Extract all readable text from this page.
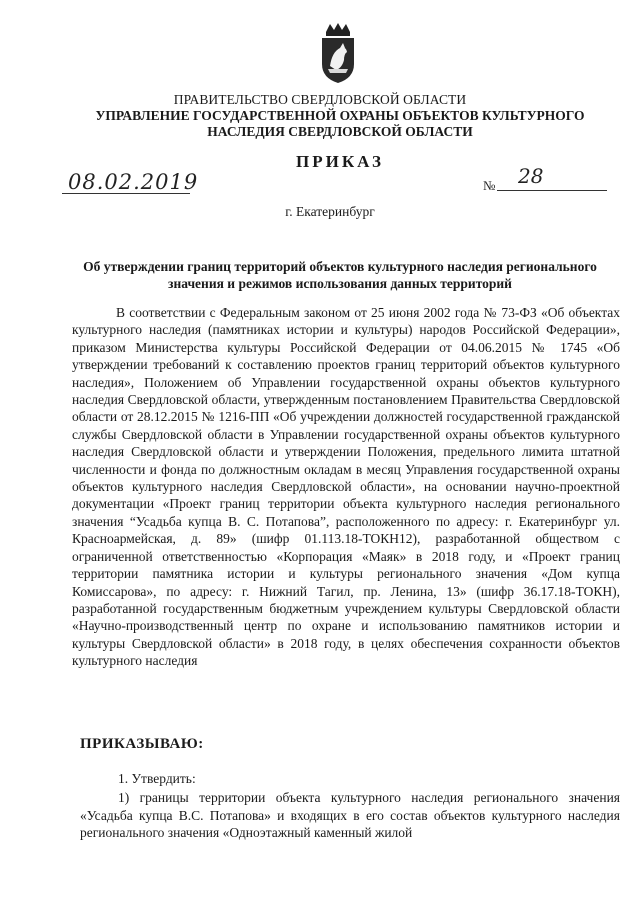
ПРАВИТЕЛЬСТВО СВЕРДЛОВСКОЙ ОБЛАСТИ
УПРАВЛЕНИЕ ГОСУДАРСТВЕННОЙ ОХРАНЫ ОБЪЕКТОВ КУЛЬТУРНОГО НАСЛЕДИЯ СВЕРДЛОВСКОЙ ОБЛАСТИ
ПРИКАЗ
08.02.2019	№ 28
г. Екатеринбург
Об утверждении границ территорий объектов культурного наследия регионального значения и режимов использования данных территорий
В соответствии с Федеральным законом от 25 июня 2002 года № 73-ФЗ «Об объектах культурного наследия (памятниках истории и культуры) народов Российской Федерации», приказом Министерства культуры Российской Федерации от 04.06.2015 № 1745 «Об утверждении требований к составлению проектов границ территорий объектов культурного наследия», Положением об Управлении государственной охраны объектов культурного наследия Свердловской области, утвержденным постановлением Правительства Свердловской области от 28.12.2015 № 1216-ПП «Об учреждении должностей государственной гражданской службы Свердловской области в Управлении государственной охраны объектов культурного наследия Свердловской области и утверждении Положения, предельного лимита штатной численности и фонда по должностным окладам в месяц Управления государственной охраны объектов культурного наследия Свердловской области», на основании научно-проектной документации «Проект границ территории объекта культурного наследия регионального значения “Усадьба купца В. С. Потапова”, расположенного по адресу: г. Екатеринбург ул. Красноармейская, д. 89» (шифр 01.113.18-ТОКН12), разработанной обществом с ограниченной ответственностью «Корпорация «Маяк» в 2018 году, и «Проект границ территории памятника истории и культуры регионального значения «Дом купца Комиссарова», по адресу: г. Нижний Тагил, пр. Ленина, 13» (шифр 36.17.18-ТОКН), разработанной государственным бюджетным учреждением культуры Свердловской области «Научно-производственный центр по охране и использованию памятников истории и культуры Свердловской области» в 2018 году, в целях обеспечения сохранности объектов культурного наследия
ПРИКАЗЫВАЮ:
1. Утвердить:
1) границы территории объекта культурного наследия регионального значения «Усадьба купца В.С. Потапова» и входящих в его состав объектов культурного наследия регионального значения «Одноэтажный каменный жилой
